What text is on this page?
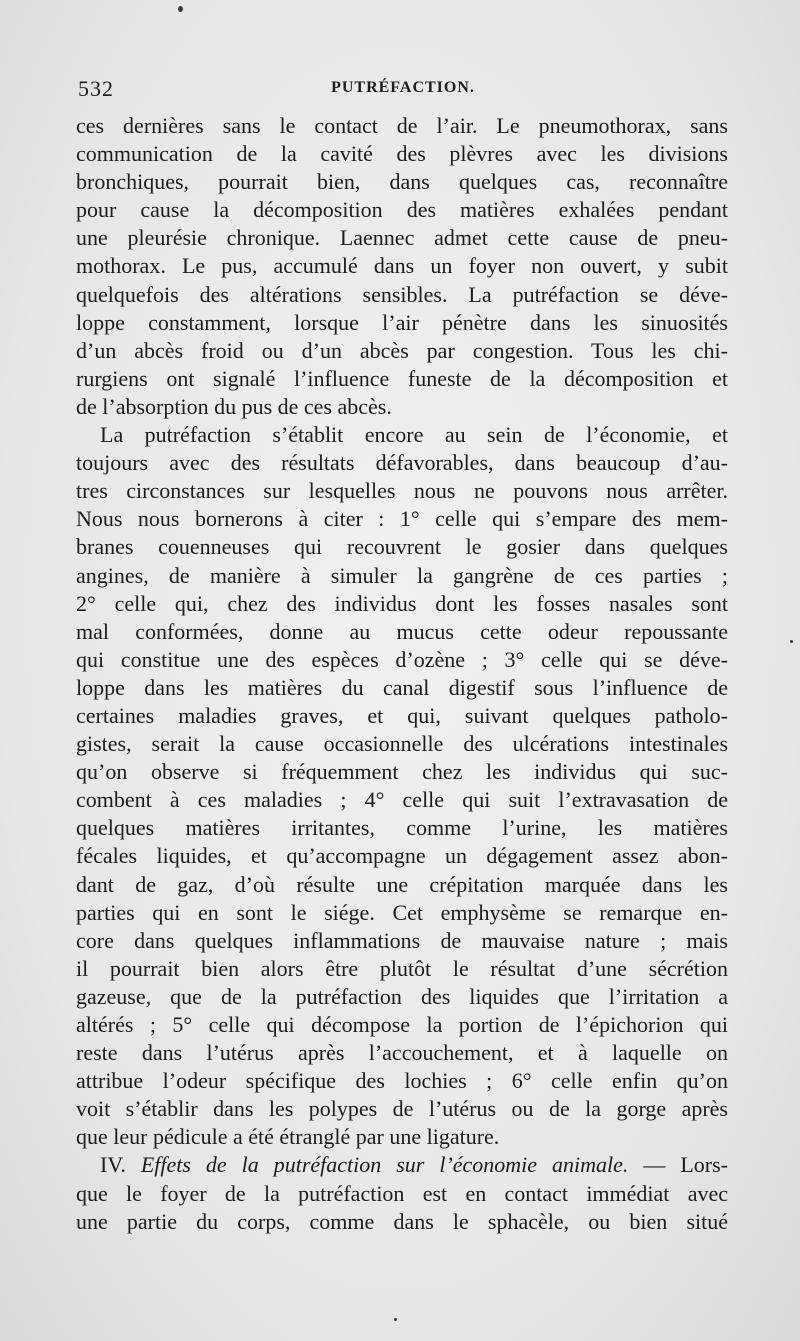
532	PUTRÉFACTION.
ces dernières sans le contact de l’air. Le pneumothorax, sans
communication de la cavité des plèvres avec les divisions
bronchiques, pourrait bien, dans quelques cas, reconnaître
pour cause la décomposition des matières exhalées pendant
une pleurésie chronique. Laennec admet cette cause de pneu-
mothorax. Le pus, accumulé dans un foyer non ouvert, y subit
quelquefois des altérations sensibles. La putréfaction se déve-
loppe constamment, lorsque l’air pénètre dans les sinuosités
d’un abcès froid ou d’un abcès par congestion. Tous les chi-
rurgiens ont signalé l’influence funeste de la décomposition et
de l’absorption du pus de ces abcès.
La putréfaction s’établit encore au sein de l’économie, et
toujours avec des résultats défavorables, dans beaucoup d’au-
tres circonstances sur lesquelles nous ne pouvons nous arrêter.
Nous nous bornerons à citer : 1° celle qui s’empare des mem-
branes couenneuses qui recouvrent le gosier dans quelques
angines, de manière à simuler la gangrène de ces parties ;
2° celle qui, chez des individus dont les fosses nasales sont
mal conformées, donne au mucus cette odeur repoussante
qui constitue une des espèces d’ozène ; 3° celle qui se déve-
loppe dans les matières du canal digestif sous l’influence de
certaines maladies graves, et qui, suivant quelques patholo-
gistes, serait la cause occasionnelle des ulcérations intestinales
qu’on observe si fréquemment chez les individus qui suc-
combent à ces maladies ; 4° celle qui suit l’extravasation de
quelques matières irritantes, comme l’urine, les matières
fécales liquides, et qu’accompagne un dégagement assez abon-
dant de gaz, d’où résulte une crépitation marquée dans les
parties qui en sont le siége. Cet emphysème se remarque en-
core dans quelques inflammations de mauvaise nature ; mais
il pourrait bien alors être plutôt le résultat d’une sécrétion
gazeuse, que de la putréfaction des liquides que l’irritation a
altérés ; 5° celle qui décompose la portion de l’épichorion qui
reste dans l’utérus après l’accouchement, et à laquelle on
attribue l’odeur spécifique des lochies ; 6° celle enfin qu’on
voit s’établir dans les polypes de l’utérus ou de la gorge après
que leur pédicule a été étranglé par une ligature.
IV. Effets de la putréfaction sur l’économie animale. — Lors-
que le foyer de la putréfaction est en contact immédiat avec
une partie du corps, comme dans le sphacèle, ou bien situé
